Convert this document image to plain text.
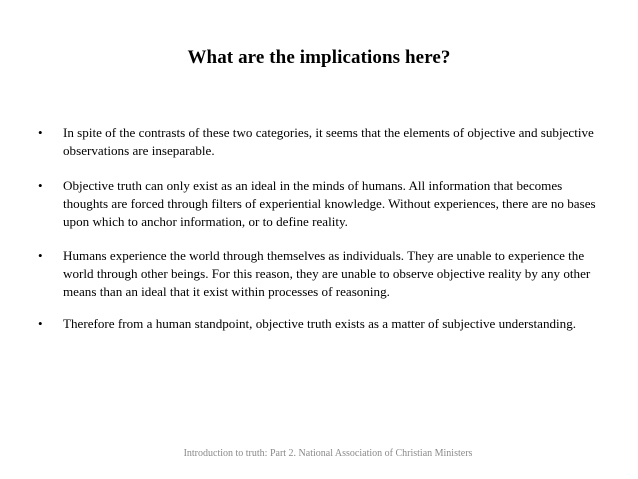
What are the implications here?
• In spite of the contrasts of these two categories, it seems that the elements of objective and subjective observations are inseparable.
• Objective truth can only exist as an ideal in the minds of humans. All information that becomes thoughts are forced through filters of experiential knowledge. Without experiences, there are no bases upon which to anchor information, or to define reality.
• Humans experience the world through themselves as individuals. They are unable to experience the world through other beings. For this reason, they are unable to observe objective reality by any other means than an ideal that it exist within processes of reasoning.
• Therefore from a human standpoint, objective truth exists as a matter of subjective understanding.
Introduction to truth: Part 2. National Association of Christian Ministers
